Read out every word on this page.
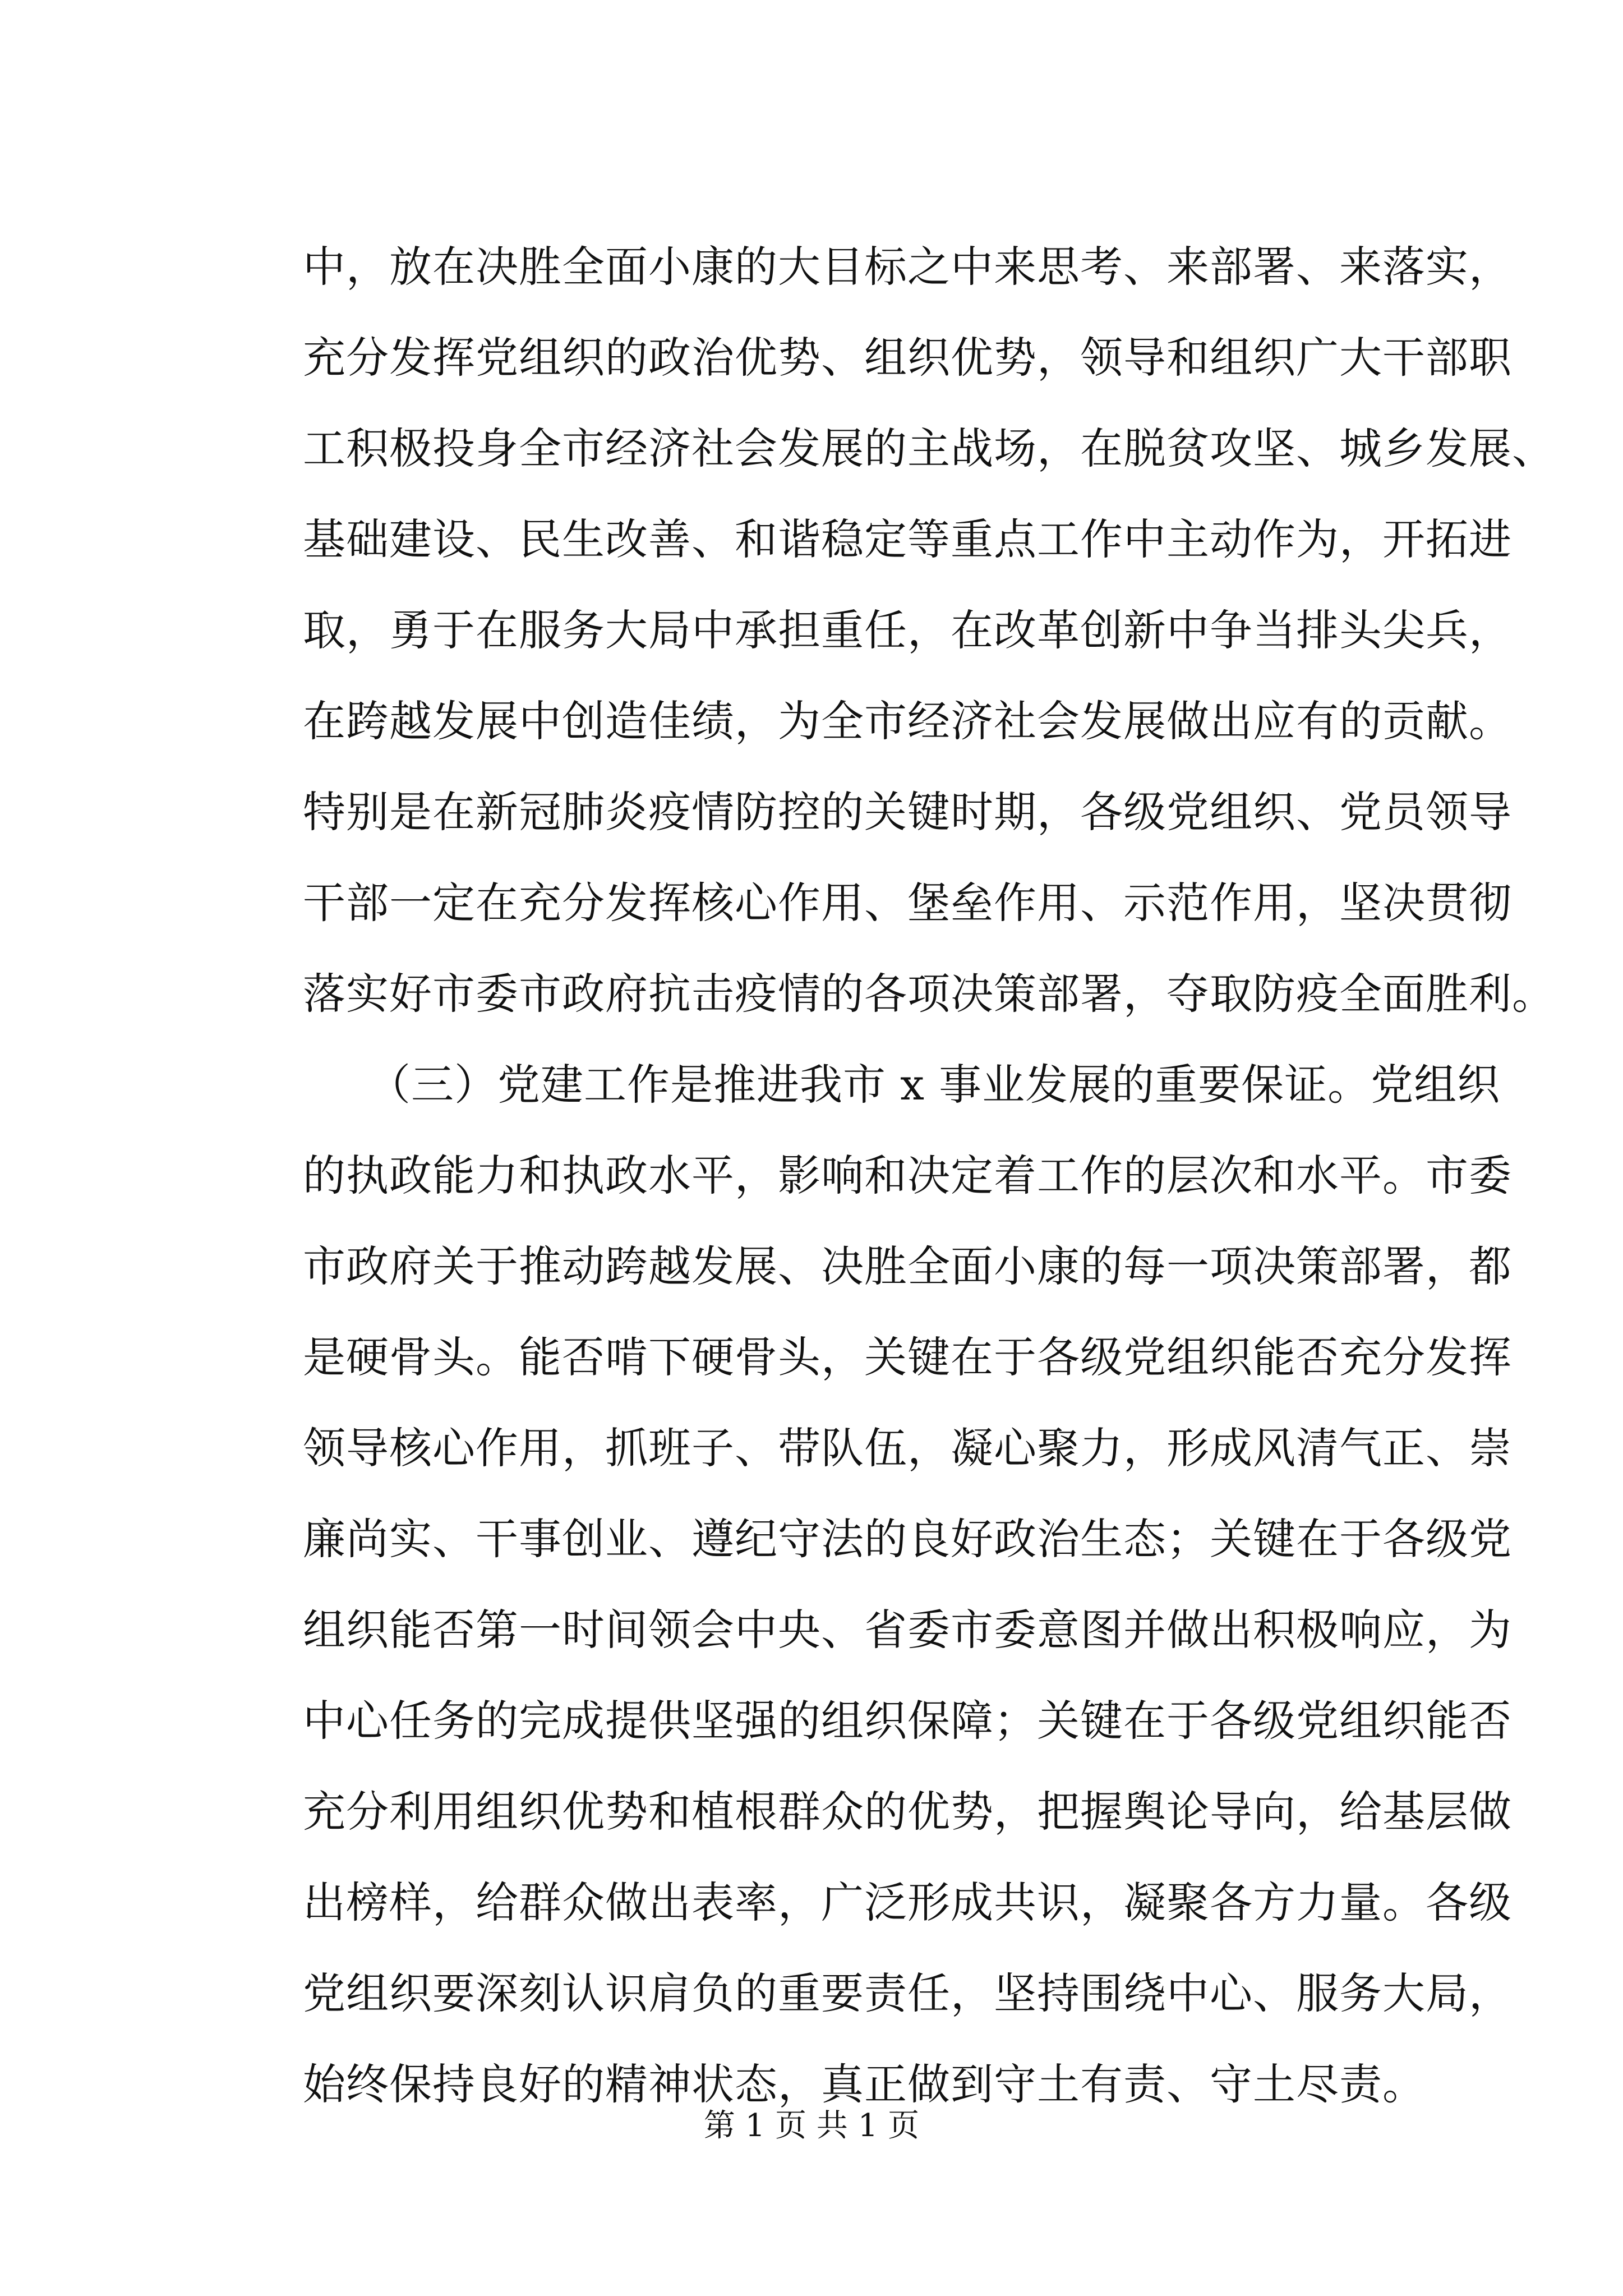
中，放在决胜全面小康的大目标之中来思考、来部署、来落实，
充分发挥党组织的政治优势、组织优势，领导和组织广大干部职
工积极投身全市经济社会发展的主战场，在脱贫攻坚、城乡发展、
基础建设、民生改善、和谐稳定等重点工作中主动作为，开拓进
取，勇于在服务大局中承担重任，在改革创新中争当排头尖兵，
在跨越发展中创造佳绩，为全市经济社会发展做出应有的贡献。
特别是在新冠肺炎疫情防控的关键时期，各级党组织、党员领导
干部一定在充分发挥核心作用、堡垒作用、示范作用，坚决贯彻
落实好市委市政府抗击疫情的各项决策部署，夺取防疫全面胜利。
　　（三）党建工作是推进我市 x 事业发展的重要保证。党组织
的执政能力和执政水平，影响和决定着工作的层次和水平。市委
市政府关于推动跨越发展、决胜全面小康的每一项决策部署，都
是硬骨头。能否啃下硬骨头，关键在于各级党组织能否充分发挥
领导核心作用，抓班子、带队伍，凝心聚力，形成风清气正、崇
廉尚实、干事创业、遵纪守法的良好政治生态；关键在于各级党
组织能否第一时间领会中央、省委市委意图并做出积极响应，为
中心任务的完成提供坚强的组织保障；关键在于各级党组织能否
充分利用组织优势和植根群众的优势，把握舆论导向，给基层做
出榜样，给群众做出表率，广泛形成共识，凝聚各方力量。各级
党组织要深刻认识肩负的重要责任，坚持围绕中心、服务大局，
始终保持良好的精神状态，真正做到守土有责、守土尽责。
第 1 页 共 1 页
